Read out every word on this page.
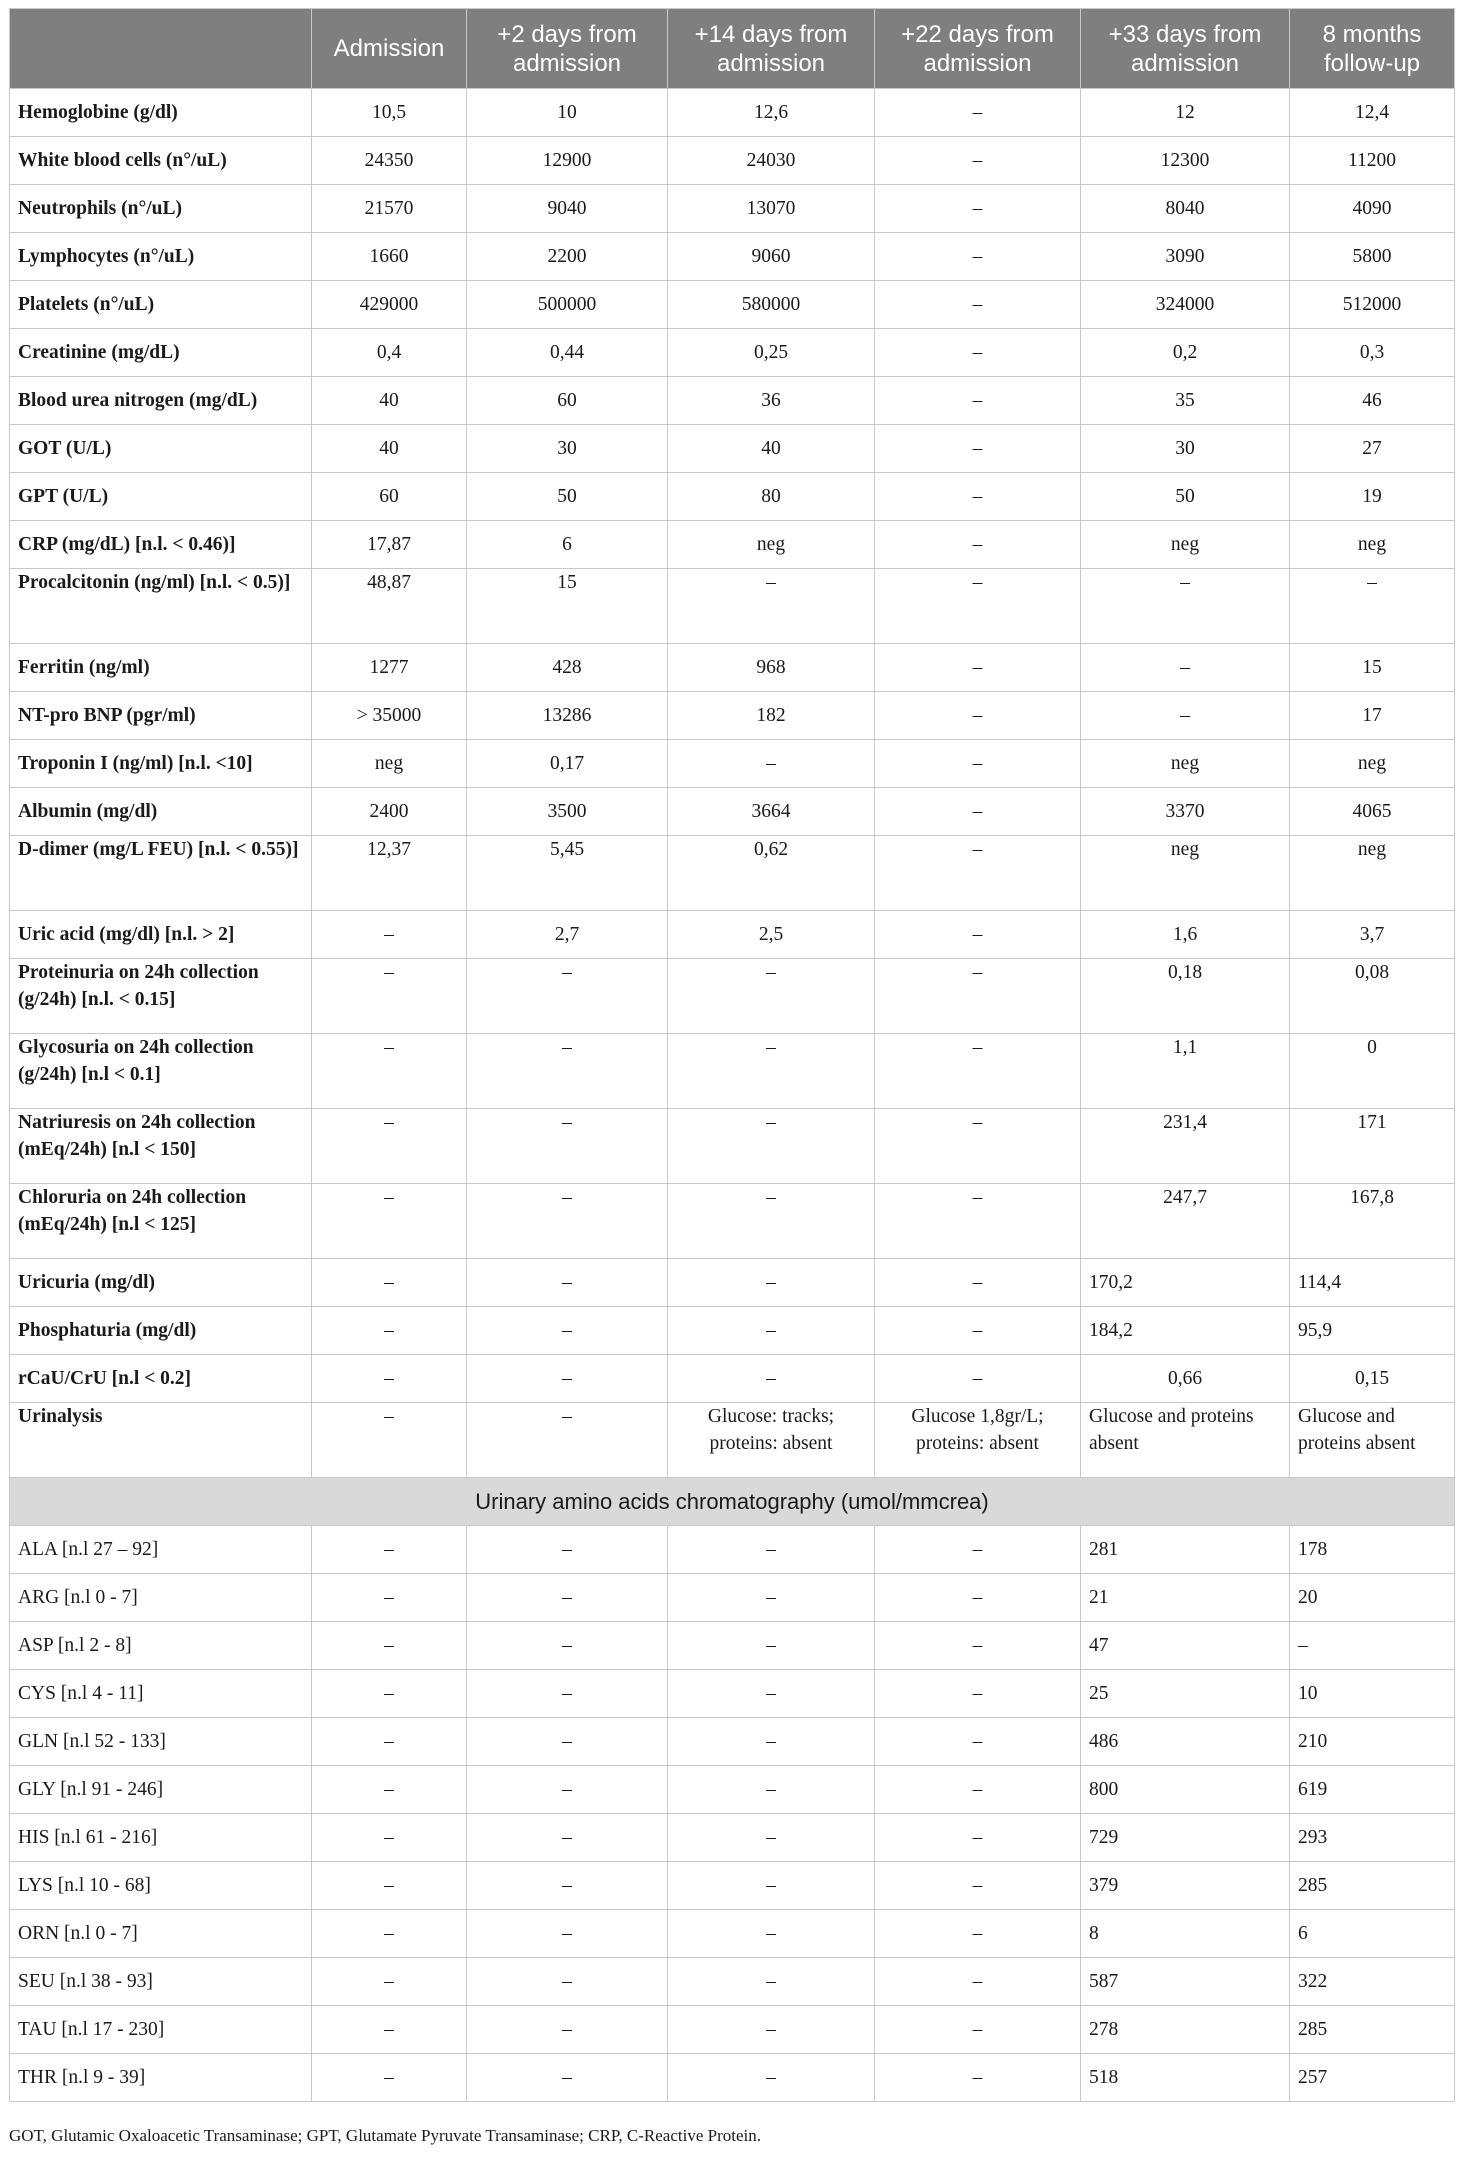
	Admission	+2 days from admission	+14 days from admission	+22 days from admission	+33 days from admission	8 months follow-up
Hemoglobine (g/dl)	10,5	10	12,6	–	12	12,4
White blood cells (n°/uL)	24350	12900	24030	–	12300	11200
Neutrophils (n°/uL)	21570	9040	13070	–	8040	4090
Lymphocytes (n°/uL)	1660	2200	9060	–	3090	5800
Platelets (n°/uL)	429000	500000	580000	–	324000	512000
Creatinine (mg/dL)	0,4	0,44	0,25	–	0,2	0,3
Blood urea nitrogen (mg/dL)	40	60	36	–	35	46
GOT (U/L)	40	30	40	–	30	27
GPT (U/L)	60	50	80	–	50	19
CRP (mg/dL) [n.l. < 0.46)]	17,87	6	neg	–	neg	neg
Procalcitonin (ng/ml) [n.l. < 0.5)]	48,87	15	–	–	–	–
Ferritin (ng/ml)	1277	428	968	–	–	15
NT-pro BNP (pgr/ml)	> 35000	13286	182	–	–	17
Troponin I (ng/ml) [n.l. <10]	neg	0,17	–	–	neg	neg
Albumin (mg/dl)	2400	3500	3664	–	3370	4065
D-dimer (mg/L FEU) [n.l. < 0.55)]	12,37	5,45	0,62	–	neg	neg
Uric acid (mg/dl) [n.l. > 2]	–	2,7	2,5	–	1,6	3,7
Proteinuria on 24h collection (g/24h) [n.l. < 0.15]	–	–	–	–	0,18	0,08
Glycosuria on 24h collection (g/24h) [n.l < 0.1]	–	–	–	–	1,1	0
Natriuresis on 24h collection (mEq/24h) [n.l < 150]	–	–	–	–	231,4	171
Chloruria on 24h collection (mEq/24h) [n.l < 125]	–	–	–	–	247,7	167,8
Uricuria (mg/dl)	–	–	–	–	170,2	114,4
Phosphaturia (mg/dl)	–	–	–	–	184,2	95,9
rCaU/CrU [n.l < 0.2]	–	–	–	–	0,66	0,15
Urinalysis	–	–	Glucose: tracks; proteins: absent	Glucose 1,8gr/L; proteins: absent	Glucose and proteins absent	Glucose and proteins absent
Urinary amino acids chromatography (umol/mmcrea)						
ALA [n.l 27 – 92]	–	–	–	–	281	178
ARG [n.l 0 - 7]	–	–	–	–	21	20
ASP [n.l 2 - 8]	–	–	–	–	47	–
CYS [n.l 4 - 11]	–	–	–	–	25	10
GLN [n.l 52 - 133]	–	–	–	–	486	210
GLY [n.l 91 - 246]	–	–	–	–	800	619
HIS [n.l 61 - 216]	–	–	–	–	729	293
LYS [n.l 10 - 68]	–	–	–	–	379	285
ORN [n.l 0 - 7]	–	–	–	–	8	6
SEU [n.l 38 - 93]	–	–	–	–	587	322
TAU [n.l 17 - 230]	–	–	–	–	278	285
THR [n.l 9 - 39]	–	–	–	–	518	257
GOT, Glutamic Oxaloacetic Transaminase; GPT, Glutamate Pyruvate Transaminase; CRP, C-Reactive Protein.
